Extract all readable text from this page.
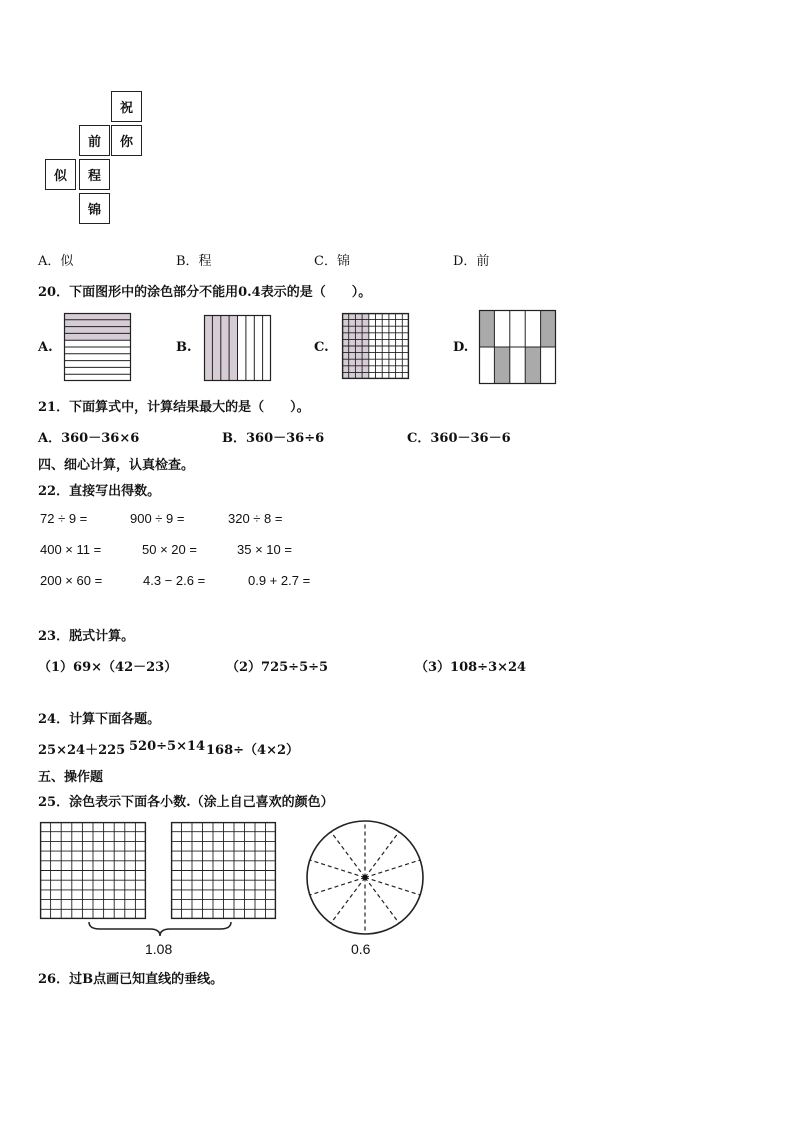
祝
你
前
似	程
锦
A．似	B．程	C．锦	D．前
20．下面图形中的涂色部分不能用0.4表示的是（　　）。
A.	B.	C.	D.
21．下面算式中，计算结果最大的是（　　）。
A．360－36×6	B．360－36÷6	C．360－36－6
四、细心计算，认真检查。
22．直接写出得数。
72 ÷ 9 =	900 ÷ 9 =	320 ÷ 8 =
400 × 11 =	50 × 20 =	35 × 10 =
200 × 60 =	4.3 − 2.6 =	0.9 + 2.7 =
23．脱式计算。
（1）69×（42－23）	（2）725÷5÷5	（3）108÷3×24
24．计算下面各题。
25×24＋225 520÷5×14 168÷（4×2）
五、操作题
25．涂色表示下面各小数.（涂上自己喜欢的颜色）
1.08	0.6
26．过B点画已知直线的垂线。
